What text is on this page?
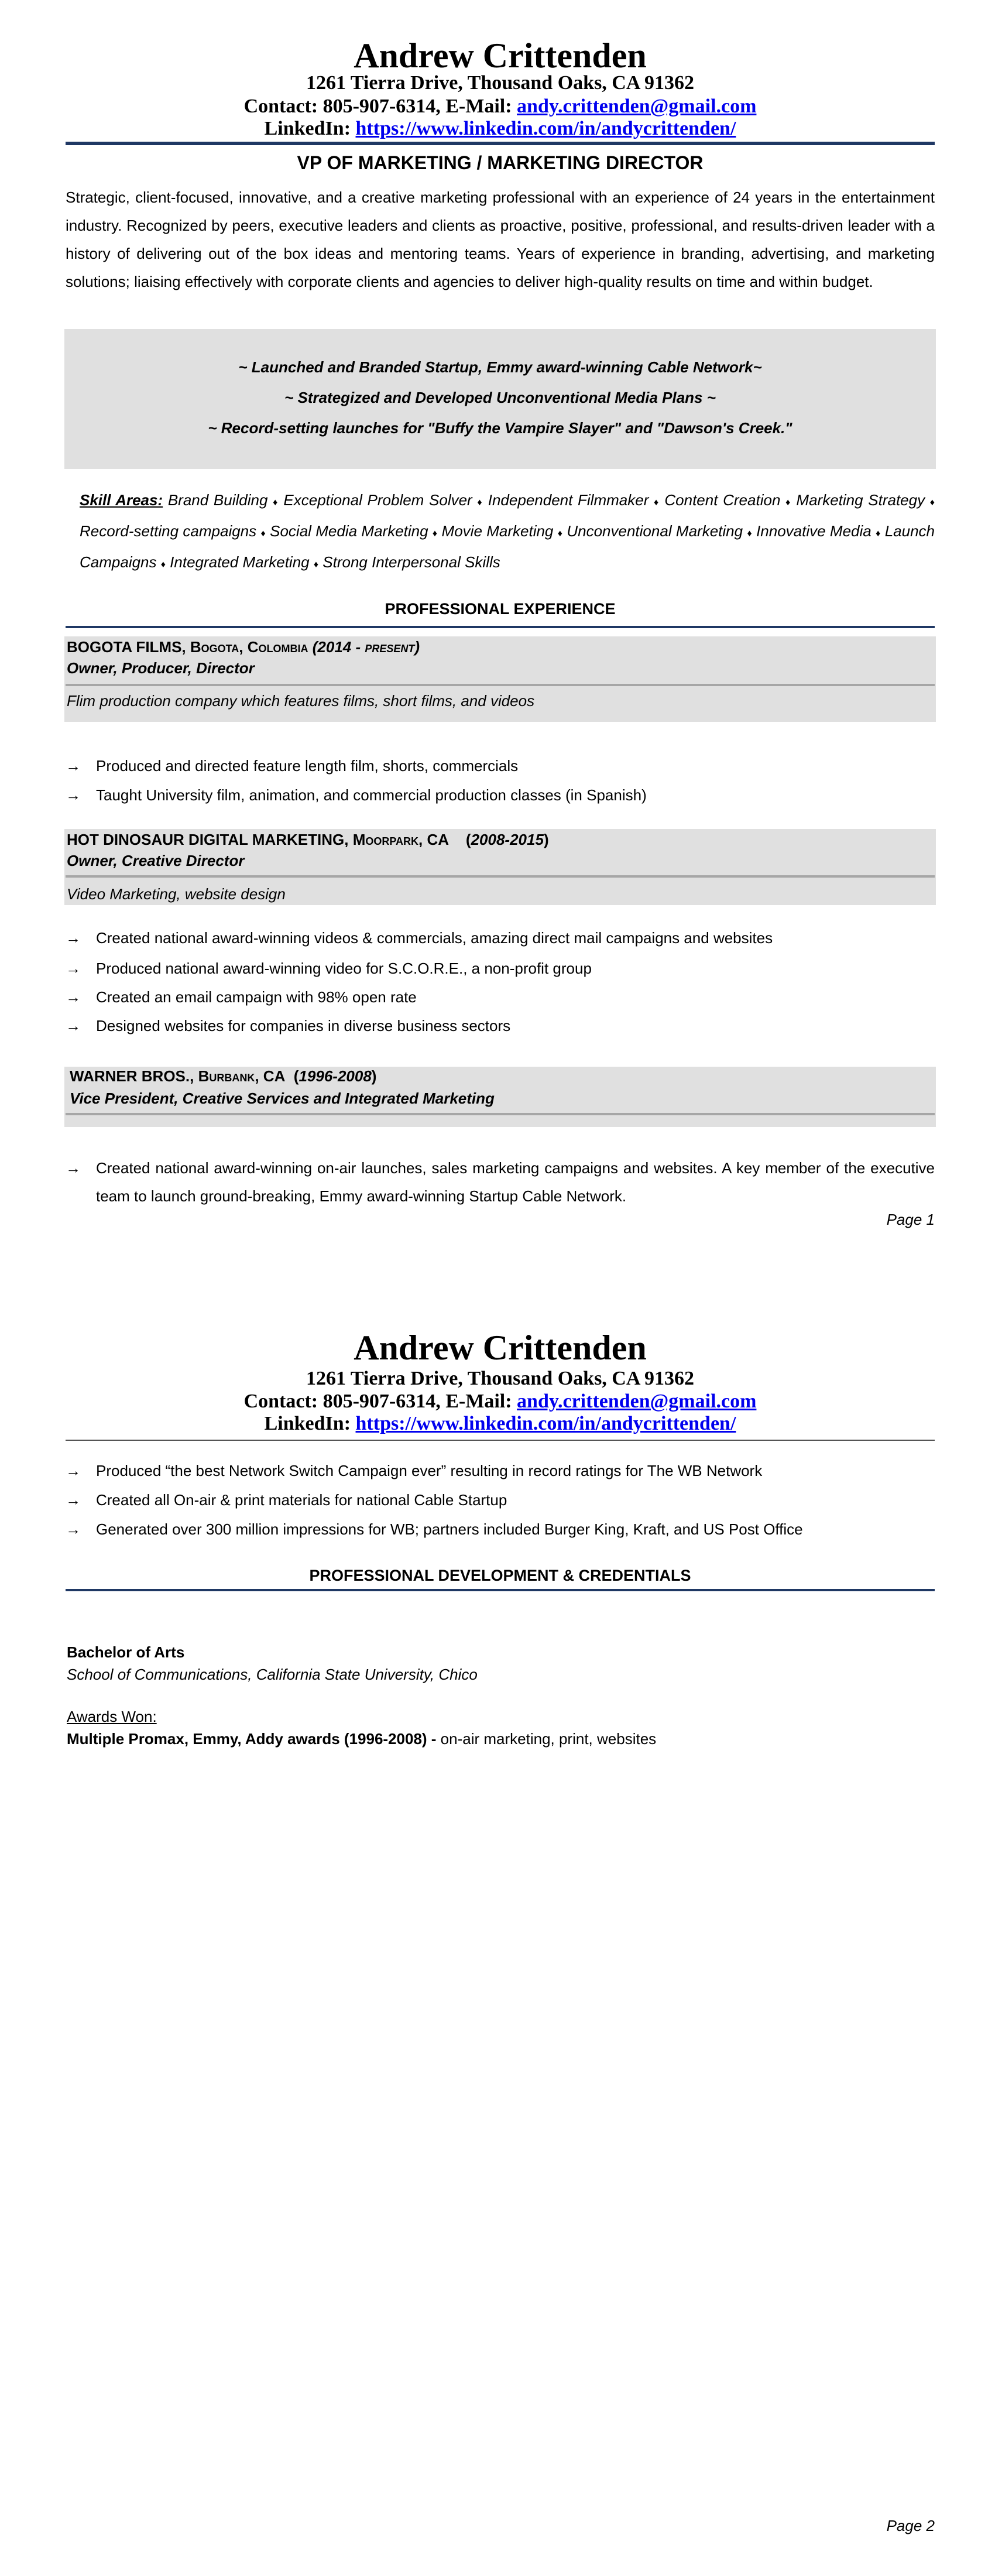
Andrew Crittenden
1261 Tierra Drive, Thousand Oaks, CA 91362
Contact: 805-907-6314, E-Mail: andy.crittenden@gmail.com
LinkedIn: https://www.linkedin.com/in/andycrittenden/
VP OF MARKETING / MARKETING DIRECTOR
Strategic, client-focused, innovative, and a creative marketing professional with an experience of 24 years in the entertainment industry. Recognized by peers, executive leaders and clients as proactive, positive, professional, and results-driven leader with a history of delivering out of the box ideas and mentoring teams. Years of experience in branding, advertising, and marketing solutions; liaising effectively with corporate clients and agencies to deliver high-quality results on time and within budget.
~ Launched and Branded Startup, Emmy award-winning Cable Network~
~ Strategized and Developed Unconventional Media Plans ~
~ Record-setting launches for "Buffy the Vampire Slayer" and "Dawson's Creek."
Skill Areas: Brand Building ♦ Exceptional Problem Solver ♦ Independent Filmmaker ♦ Content Creation ♦ Marketing Strategy ♦ Record-setting campaigns ♦ Social Media Marketing ♦ Movie Marketing ♦ Unconventional Marketing ♦ Innovative Media ♦ Launch Campaigns ♦ Integrated Marketing ♦ Strong Interpersonal Skills
PROFESSIONAL EXPERIENCE
BOGOTA FILMS, Bogota, Colombia (2014 - present)
Owner, Producer, Director
Flim production company which features films, short films, and videos
→ Produced and directed feature length film, shorts, commercials
→ Taught University film, animation, and commercial production classes (in Spanish)
HOT DINOSAUR DIGITAL MARKETING, Moorpark, CA    (2008-2015)
Owner, Creative Director
Video Marketing, website design
→ Created national award-winning videos & commercials, amazing direct mail campaigns and websites
→ Produced national award-winning video for S.C.O.R.E., a non-profit group
→ Created an email campaign with 98% open rate
→ Designed websites for companies in diverse business sectors
WARNER BROS., Burbank, CA  (1996-2008)
Vice President, Creative Services and Integrated Marketing
→ Created national award-winning on-air launches, sales marketing campaigns and websites. A key member of the executive team to launch ground-breaking, Emmy award-winning Startup Cable Network.
Page 1
Andrew Crittenden
1261 Tierra Drive, Thousand Oaks, CA 91362
Contact: 805-907-6314, E-Mail: andy.crittenden@gmail.com
LinkedIn: https://www.linkedin.com/in/andycrittenden/
→ Produced “the best Network Switch Campaign ever” resulting in record ratings for The WB Network
→ Created all On-air & print materials for national Cable Startup
→ Generated over 300 million impressions for WB; partners included Burger King, Kraft, and US Post Office
PROFESSIONAL DEVELOPMENT & CREDENTIALS
Bachelor of Arts
School of Communications, California State University, Chico
Awards Won:
Multiple Promax, Emmy, Addy awards (1996-2008) - on-air marketing, print, websites
Page 2
